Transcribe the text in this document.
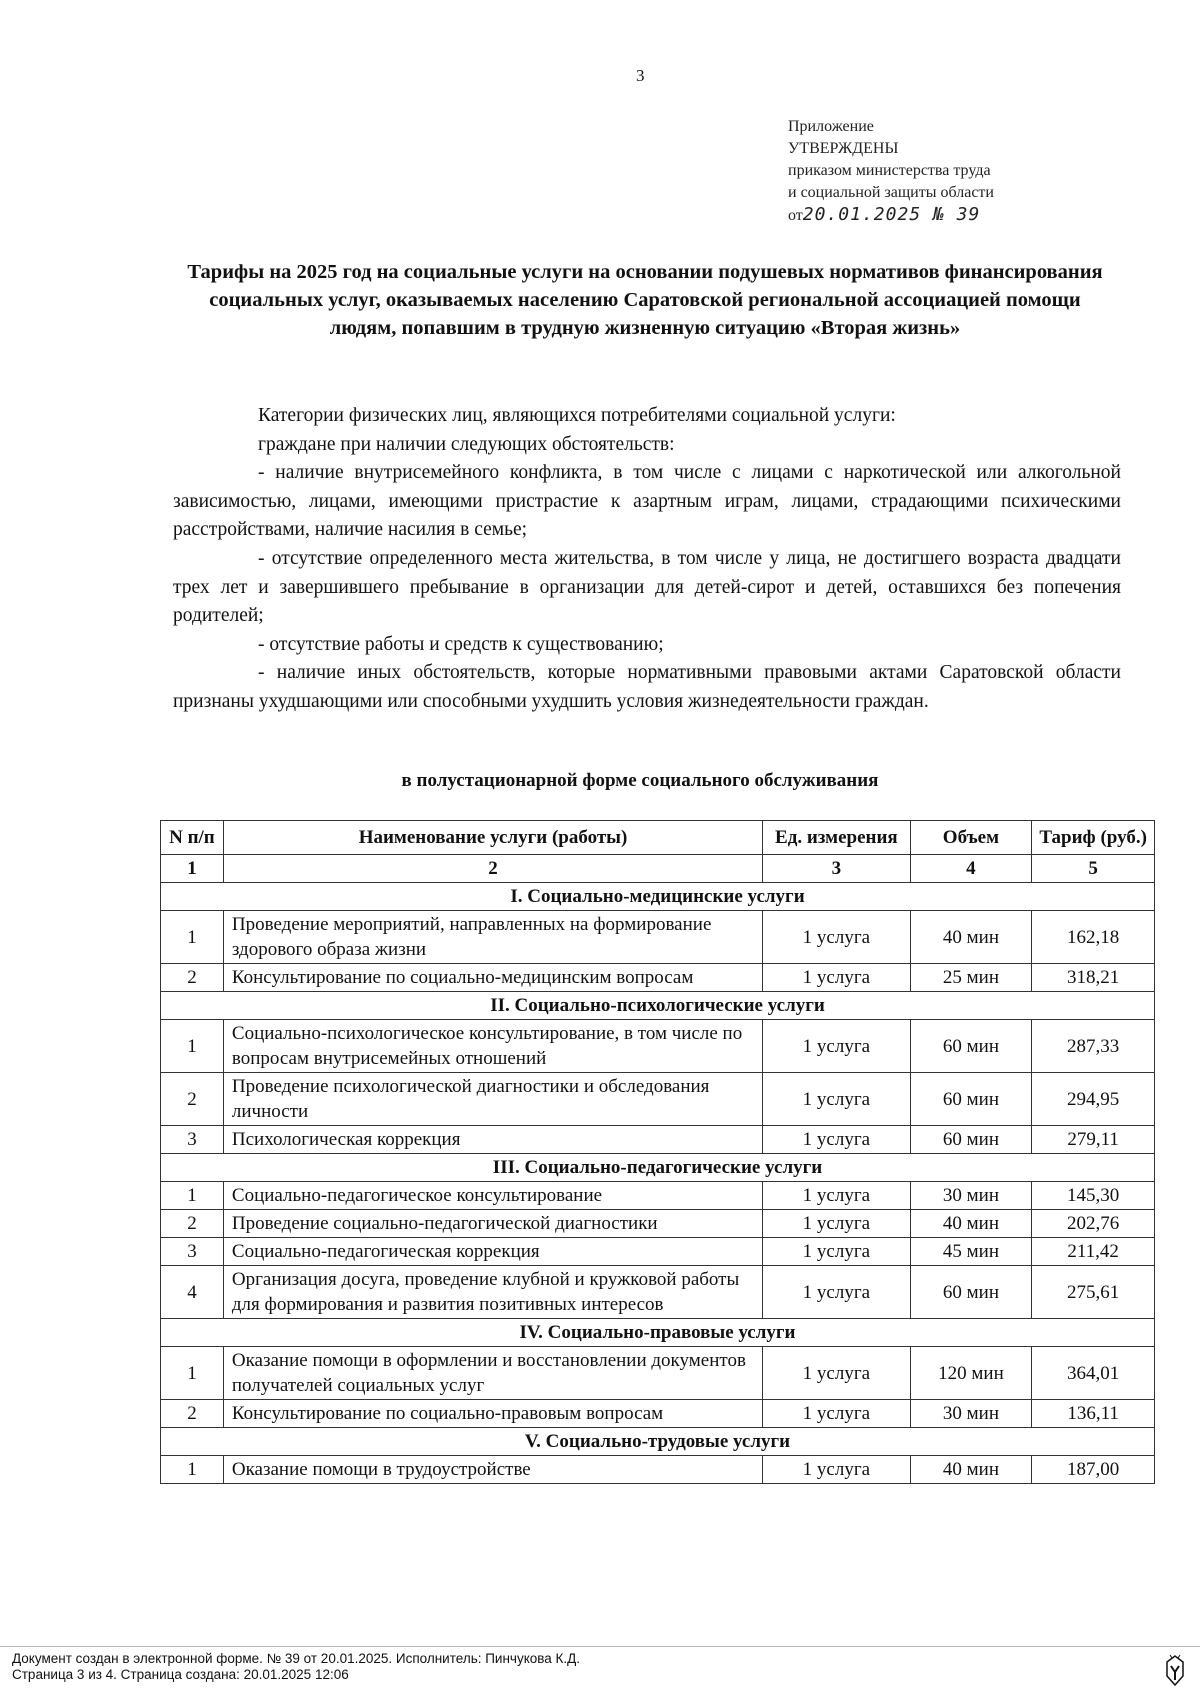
3
Приложение
УТВЕРЖДЕНЫ
приказом министерства труда
и социальной защиты области
от20.01.2025 № 39
Тарифы на 2025 год на социальные услуги на основании подушевых нормативов финансирования социальных услуг, оказываемых населению Саратовской региональной ассоциацией помощи людям, попавшим в трудную жизненную ситуацию «Вторая жизнь»

Категории физических лиц, являющихся потребителями социальной услуги:

граждане при наличии следующих обстоятельств:

- наличие внутрисемейного конфликта, в том числе с лицами с наркотической или алкогольной зависимостью, лицами, имеющими пристрастие к азартным играм, лицами, страдающими психическими расстройствами, наличие насилия в семье;

- отсутствие определенного места жительства, в том числе у лица, не достигшего возраста двадцати трех лет и завершившего пребывание в организации для детей-сирот и детей, оставшихся без попечения родителей;

- отсутствие работы и средств к существованию;

- наличие иных обстоятельств, которые нормативными правовыми актами Саратовской области признаны ухудшающими или способными ухудшить условия жизнедеятельности граждан.

в полустационарной форме социального обслуживания
N п/п	Наименование услуги (работы)	Ед. измерения	Объем	Тариф (руб.)
1	2	3	4	5
I. Социально-медицинские услуги				
1	Проведение мероприятий, направленных на формирование здорового образа жизни	1 услуга	40 мин	162,18
2	Консультирование по социально-медицинским вопросам	1 услуга	25 мин	318,21
II. Социально-психологические услуги				
1	Социально-психологическое консультирование, в том числе по вопросам внутрисемейных отношений	1 услуга	60 мин	287,33
2	Проведение психологической диагностики и обследования личности	1 услуга	60 мин	294,95
3	Психологическая коррекция	1 услуга	60 мин	279,11
III. Социально-педагогические услуги				
1	Социально-педагогическое консультирование	1 услуга	30 мин	145,30
2	Проведение социально-педагогической диагностики	1 услуга	40 мин	202,76
3	Социально-педагогическая коррекция	1 услуга	45 мин	211,42
4	Организация досуга, проведение клубной и кружковой работы для формирования и развития позитивных интересов	1 услуга	60 мин	275,61
IV. Социально-правовые услуги				
1	Оказание помощи в оформлении и восстановлении документов получателей социальных услуг	1 услуга	120 мин	364,01
2	Консультирование по социально-правовым вопросам	1 услуга	30 мин	136,11
V. Социально-трудовые услуги				
1	Оказание помощи в трудоустройстве	1 услуга	40 мин	187,00
Документ создан в электронной форме. № 39 от 20.01.2025. Исполнитель: Пинчукова К.Д.
Страница 3 из 4. Страница создана: 20.01.2025 12:06
